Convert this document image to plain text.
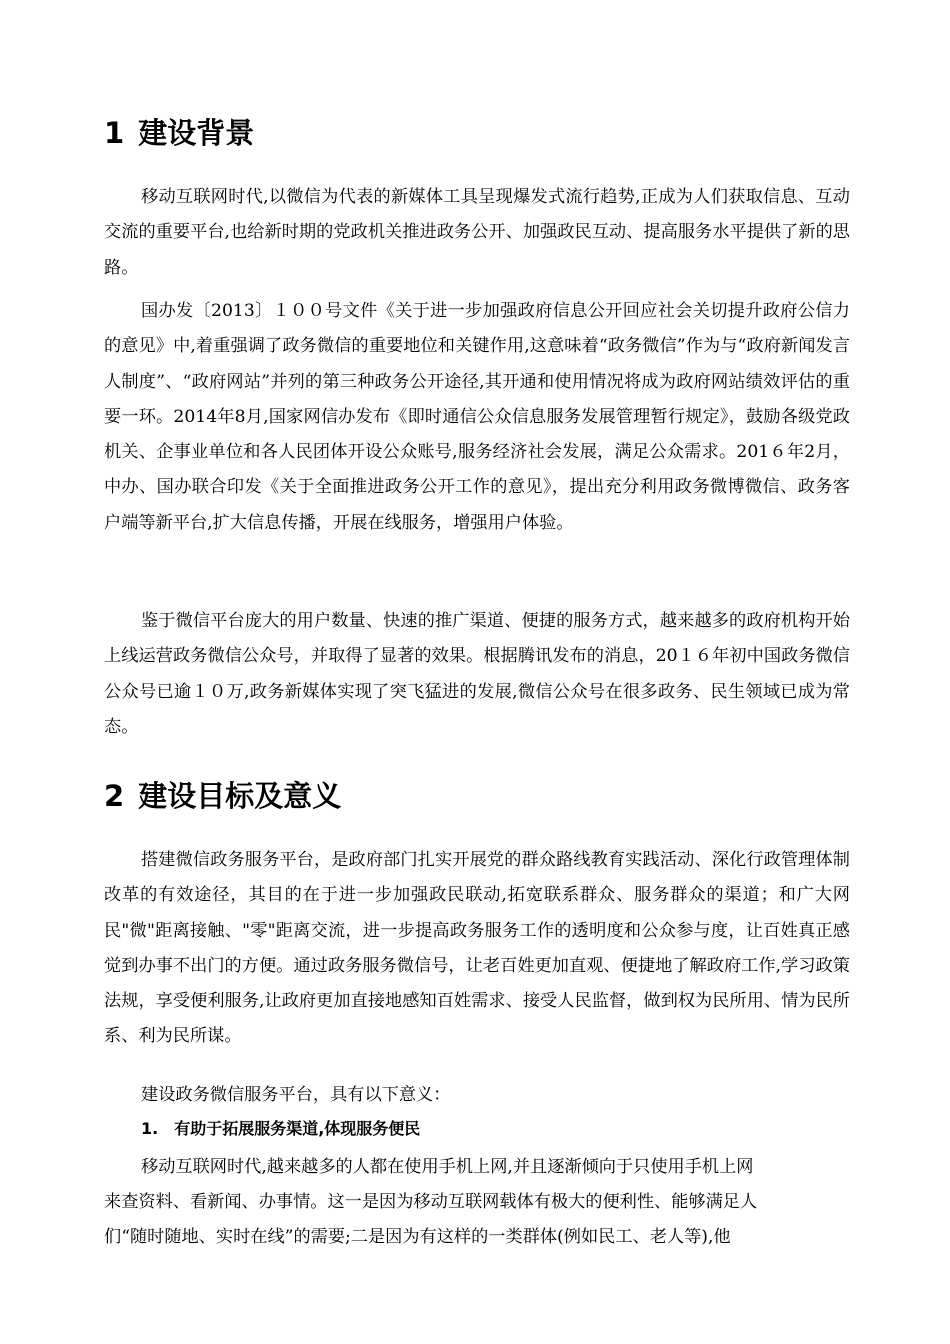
1 建设背景

移动互联网时代,以微信为代表的新媒体工具呈现爆发式流行趋势,正成为人们获取信息、互动交流的重要平台,也给新时期的党政机关推进政务公开、加强政民互动、提高服务水平提供了新的思路。

国办发〔2013〕１００号文件《关于进一步加强政府信息公开回应社会关切提升政府公信力的意见》中,着重强调了政务微信的重要地位和关键作用,这意味着“政务微信”作为与“政府新闻发言人制度”、“政府网站”并列的第三种政务公开途径,其开通和使用情况将成为政府网站绩效评估的重要一环。2014年8月,国家网信办发布《即时通信公众信息服务发展管理暂行规定》，鼓励各级党政机关、企事业单位和各人民团体开设公众账号,服务经济社会发展，满足公众需求。201６年2月，中办、国办联合印发《关于全面推进政务公开工作的意见》，提出充分利用政务微博微信、政务客户端等新平台,扩大信息传播，开展在线服务，增强用户体验。

鉴于微信平台庞大的用户数量、快速的推广渠道、便捷的服务方式，越来越多的政府机构开始上线运营政务微信公众号，并取得了显著的效果。根据腾讯发布的消息，20１６年初中国政务微信公众号已逾１０万,政务新媒体实现了突飞猛进的发展,微信公众号在很多政务、民生领域已成为常态。

2 建设目标及意义

搭建微信政务服务平台，是政府部门扎实开展党的群众路线教育实践活动、深化行政管理体制改革的有效途径，其目的在于进一步加强政民联动,拓宽联系群众、服务群众的渠道；和广大网民"微"距离接触、"零"距离交流，进一步提高政务服务工作的透明度和公众参与度，让百姓真正感觉到办事不出门的方便。通过政务服务微信号，让老百姓更加直观、便捷地了解政府工作,学习政策法规，享受便利服务,让政府更加直接地感知百姓需求、接受人民监督，做到权为民所用、情为民所系、利为民所谋。

建设政务微信服务平台，具有以下意义：

1. 有助于拓展服务渠道,体现服务便民

移动互联网时代,越来越多的人都在使用手机上网,并且逐渐倾向于只使用手机上网

来查资料、看新闻、办事情。这一是因为移动互联网载体有极大的便利性、能够满足人

们“随时随地、实时在线”的需要;二是因为有这样的一类群体(例如民工、老人等),他
